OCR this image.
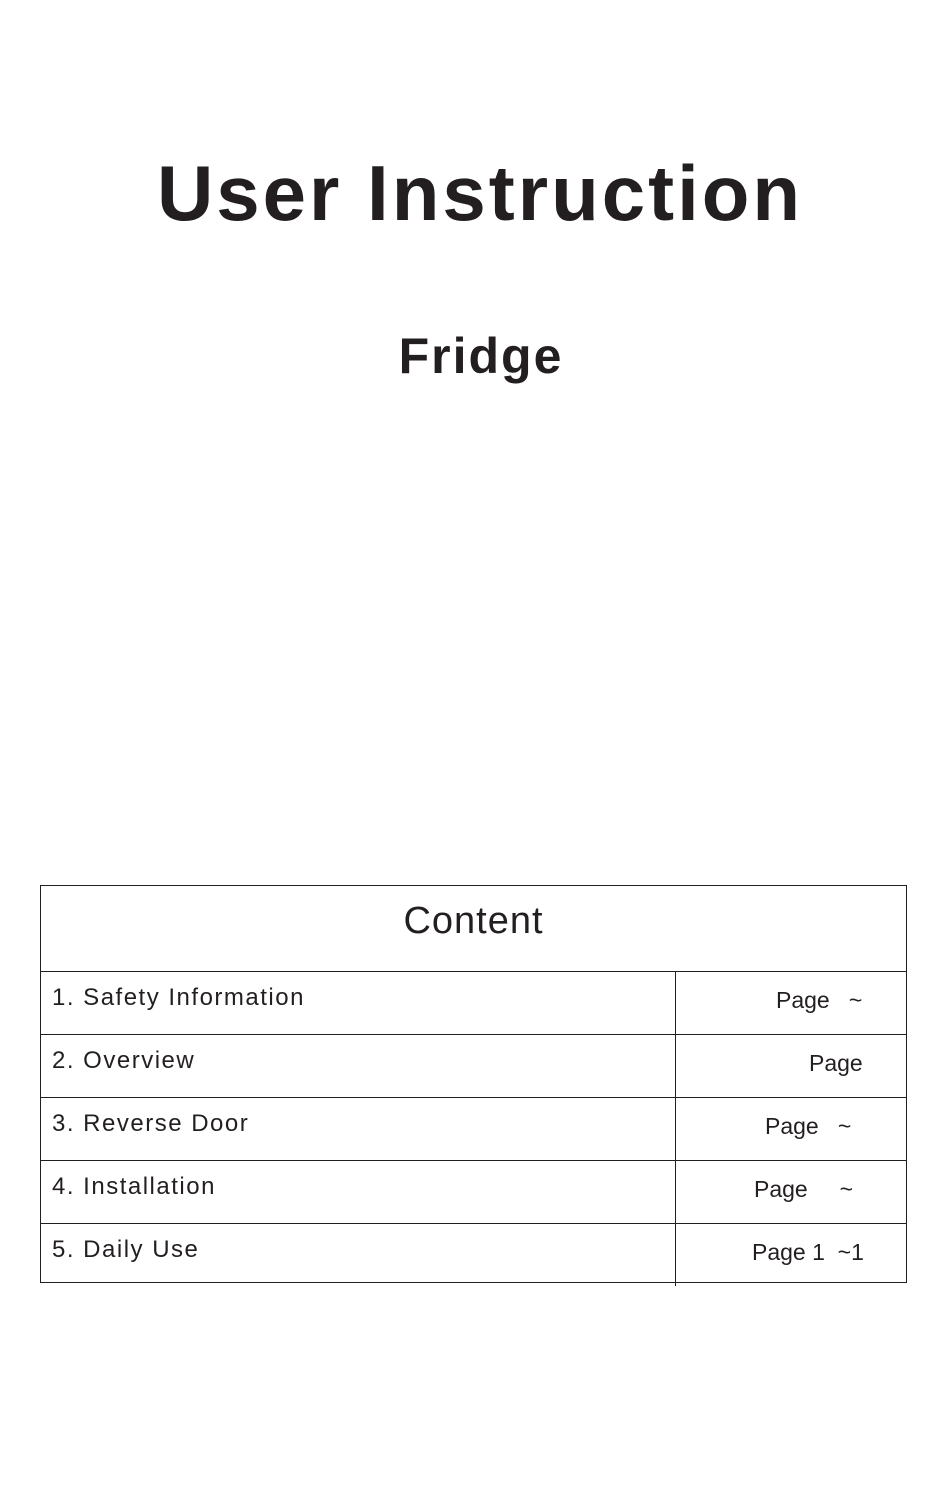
User Instruction
Fridge
Content
1. Safety Information

	Page   ~

2. Overview

	Page

3. Reverse Door

	Page   ~

4. Installation

	Page     ~

5. Daily Use

	Page 1  ~1
